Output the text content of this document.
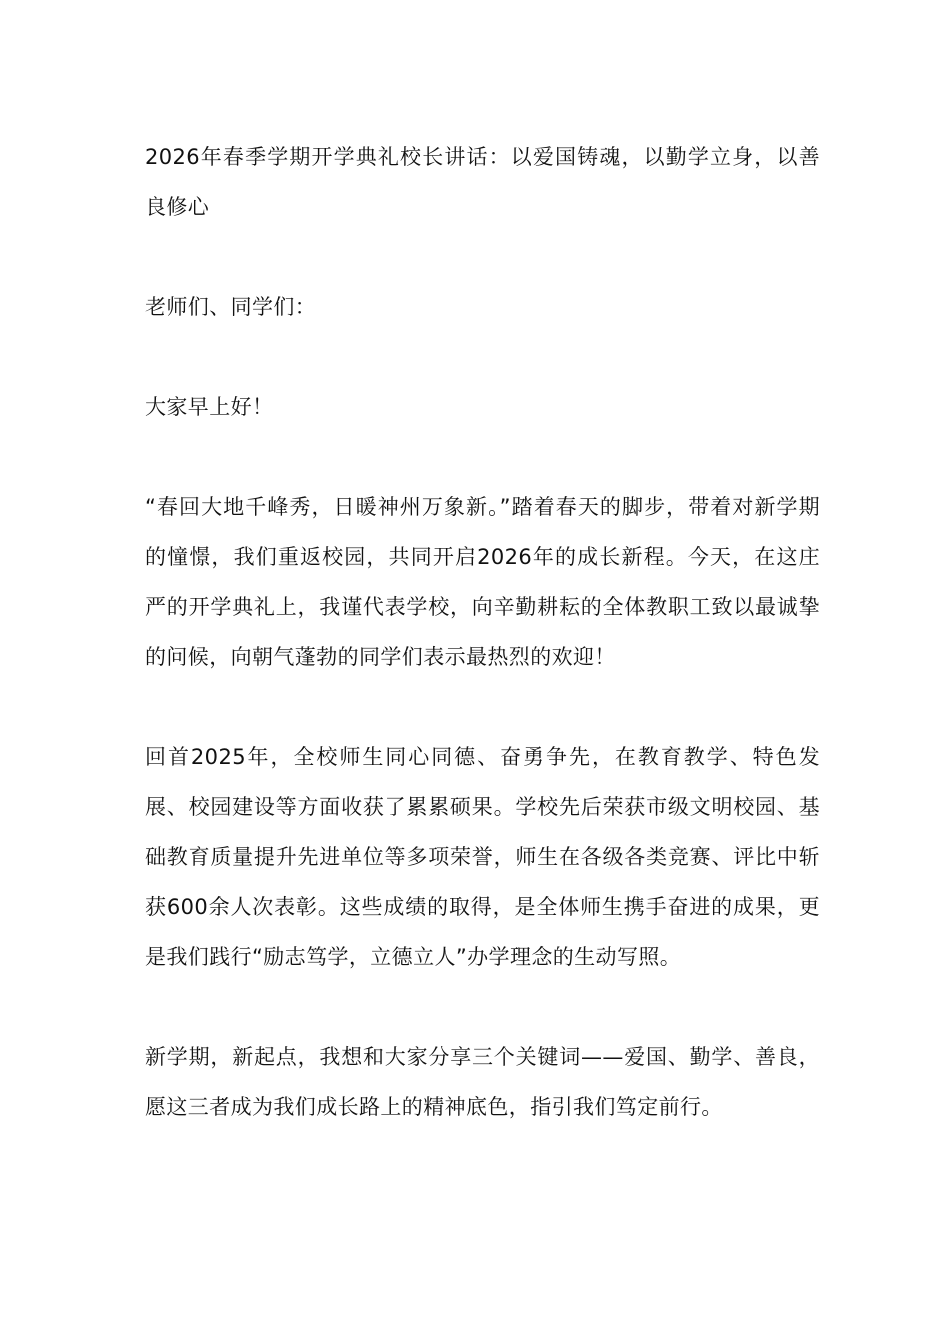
2026年春季学期开学典礼校长讲话：以爱国铸魂，以勤学立身，以善良修心

老师们、同学们：

大家早上好！

“春回大地千峰秀，日暖神州万象新。”踏着春天的脚步，带着对新学期的憧憬，我们重返校园，共同开启2026年的成长新程。今天，在这庄严的开学典礼上，我谨代表学校，向辛勤耕耘的全体教职工致以最诚挚的问候，向朝气蓬勃的同学们表示最热烈的欢迎！

回首2025年，全校师生同心同德、奋勇争先，在教育教学、特色发展、校园建设等方面收获了累累硕果。学校先后荣获市级文明校园、基础教育质量提升先进单位等多项荣誉，师生在各级各类竞赛、评比中斩获600余人次表彰。这些成绩的取得，是全体师生携手奋进的成果，更是我们践行“励志笃学，立德立人”办学理念的生动写照。

新学期，新起点，我想和大家分享三个关键词——爱国、勤学、善良，愿这三者成为我们成长路上的精神底色，指引我们笃定前行。
